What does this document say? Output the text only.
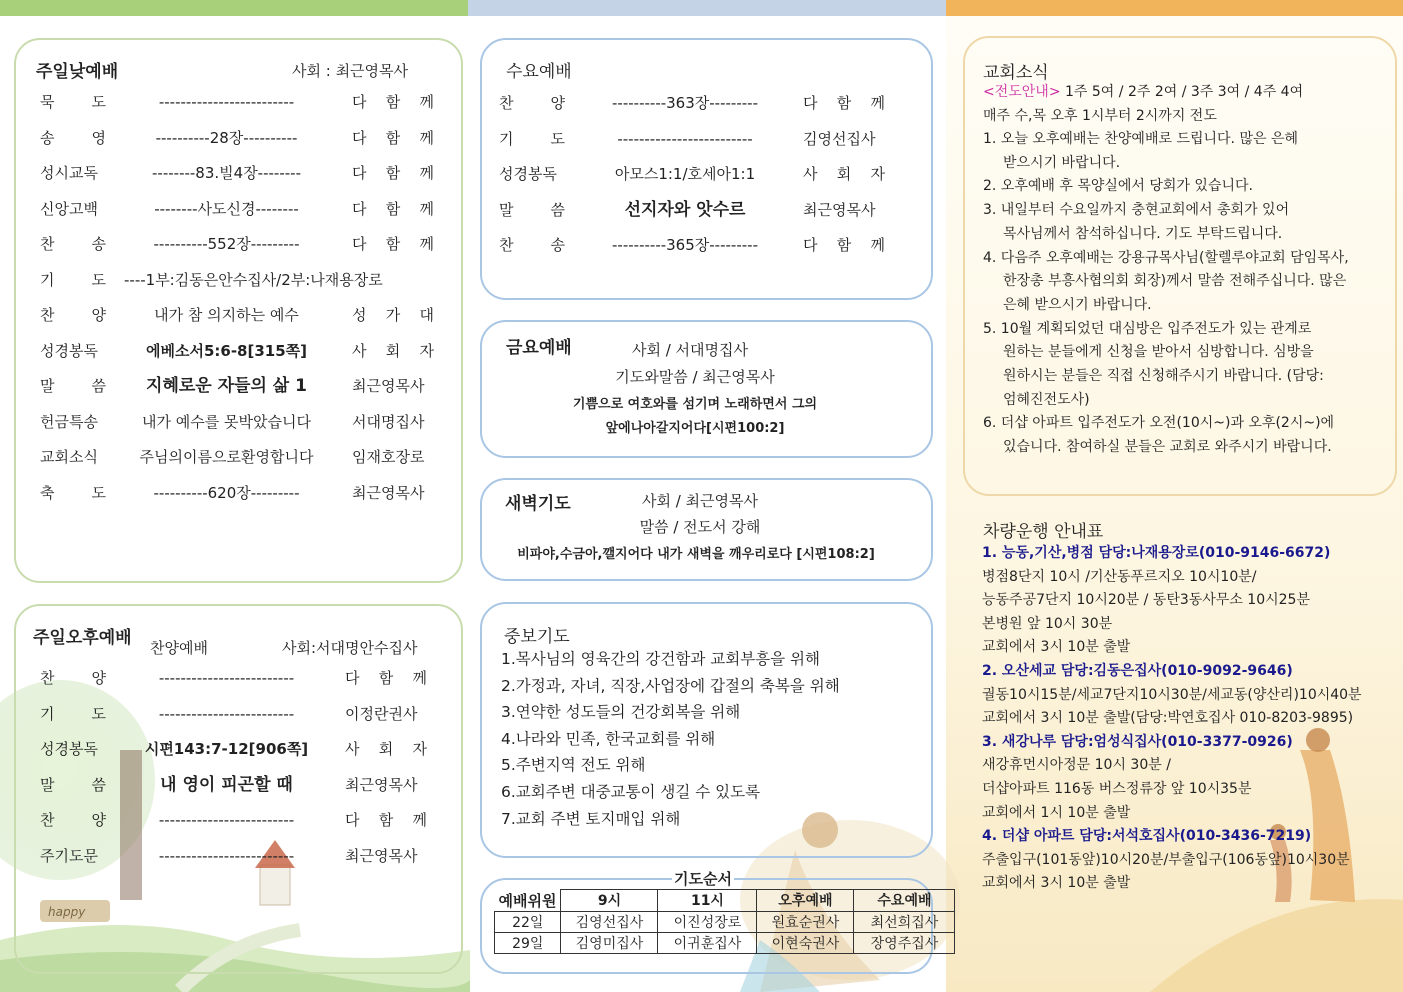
happy
주일낮예배	사회 : 최근영목사
묵 도	-------------------------	다 함 께
송 영	----------28장----------	다 함 께
성시교독	--------83.빌4장--------	다 함 께
신앙고백	--------사도신경--------	다 함 께
찬 송	----------552장---------	다 함 께
기 도 ----1부:김동은안수집사/2부:나재용장로
찬 양	내가 참 의지하는 예수	성 가 대
성경봉독	에베소서5:6-8[315쪽]	사 회 자
말 씀	지혜로운 자들의 삶 1	최근영목사
헌금특송	내가 예수를 못박았습니다	서대명집사
교회소식	주님의이름으로환영합니다	임재호장로
축 도	----------620장---------	최근영목사
주일오후예배 찬양예배	사회:서대명안수집사
찬 양	-------------------------	다 함 께
기 도	-------------------------	이정란권사
성경봉독	시편143:7-12[906쪽]	사 회 자
말 씀	내 영이 피곤할 때	최근영목사
찬 양	-------------------------	다 함 께
주기도문	-------------------------	최근영목사
수요예배
찬 양	----------363장---------	다 함 께
기 도	-------------------------	김영선집사
성경봉독	아모스1:1/호세아1:1	사 회 자
말 씀	선지자와 앗수르	최근영목사
찬 송	----------365장---------	다 함 께
금요예배	사회 / 서대명집사
기도와말씀 / 최근영목사
기쁨으로 여호와를 섬기며 노래하면서 그의
앞에나아갈지어다[시편100:2]
새벽기도	사회 / 최근영목사
말씀 / 전도서 강해
비파야,수금아,깰지어다 내가 새벽을 깨우리로다 [시편108:2]
중보기도
1.목사님의 영육간의 강건함과 교회부흥을 위해
2.가정과, 자녀, 직장,사업장에 갑절의 축복을 위해
3.연약한 성도들의 건강회복을 위해
4.나라와 민족, 한국교회를 위해
5.주변지역 전도 위해
6.교회주변 대중교통이 생길 수 있도록
7.교회 주변 토지매입 위해
기도순서
예배위원	9시	11시	오후예배	수요예배
22일	김영선집사	이진성장로	원효순권사	최선희집사
29일	김영미집사	이귀훈집사	이현숙권사	장영주집사
교회소식
<전도안내> 1주 5여 / 2주 2여 / 3주 3여 / 4주 4여
매주 수,목 오후 1시부터 2시까지 전도
1. 오늘 오후예배는 찬양예배로 드립니다. 많은 은혜 받으시기 바랍니다.
2. 오후예배 후 목양실에서 당회가 있습니다.
3. 내일부터 수요일까지 충현교회에서 총회가 있어 목사님께서 참석하십니다. 기도 부탁드립니다.
4. 다음주 오후예배는 강용규목사님(할렐루야교회 담임목사, 한장총 부흥사협의회 회장)께서 말씀 전해주십니다. 많은 은혜 받으시기 바랍니다.
5. 10월 계획되었던 대심방은 입주전도가 있는 관계로 원하는 분들에게 신청을 받아서 심방합니다. 심방을 원하시는 분들은 직접 신청해주시기 바랍니다. (담당:엄혜진전도사)
6. 더샵 아파트 입주전도가 오전(10시~)과 오후(2시~)에 있습니다. 참여하실 분들은 교회로 와주시기 바랍니다.
차량운행 안내표
1. 능동,기산,병점 담당:나재용장로(010-9146-6672)
병점8단지 10시 /기산동푸르지오 10시10분/
능동주공7단지 10시20분 / 동탄3동사무소 10시25분
본병원 앞 10시 30분
교회에서 3시 10분 출발
2. 오산세교 담당:김동은집사(010-9092-9646)
궐동10시15분/세교7단지10시30분/세교동(양산리)10시40분
교회에서 3시 10분 출발(담당:박연호집사 010-8203-9895)
3. 새강나루 담당:엄성식집사(010-3377-0926)
새강휴먼시아정문 10시 30분 /
더샵아파트 116동 버스정류장 앞 10시35분
교회에서 1시 10분 출발
4. 더샵 아파트 담당:서석호집사(010-3436-7219)
주출입구(101동앞)10시20분/부출입구(106동앞)10시30분
교회에서 3시 10분 출발
